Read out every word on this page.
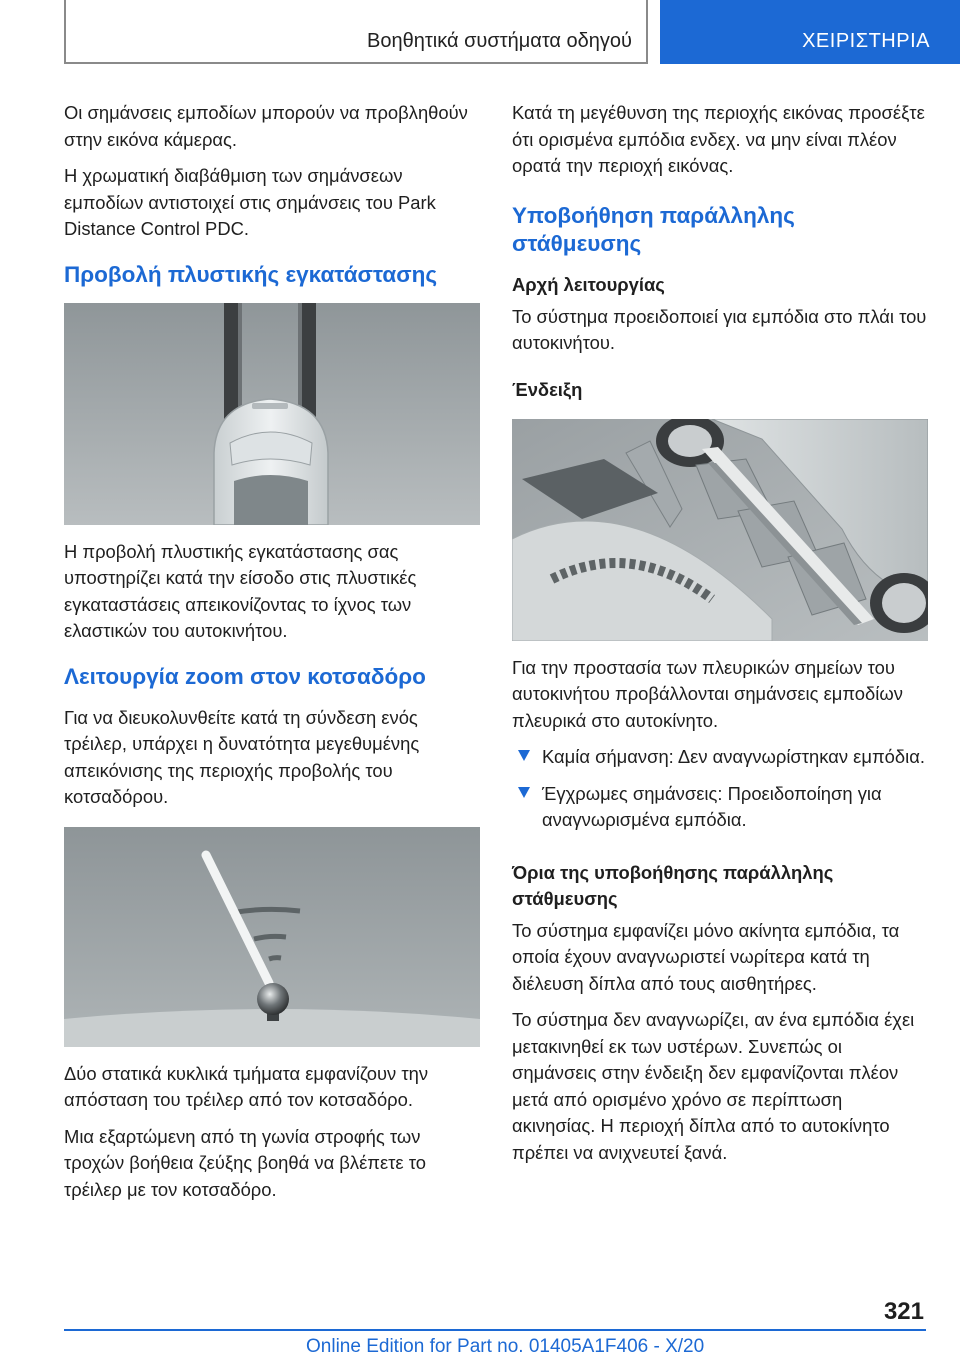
Βοηθητικά συστήματα οδηγού	ΧΕΙΡΙΣΤΗΡΙΑ

Οι σημάνσεις εμποδίων μπορούν να προβληθούν στην εικόνα κάμερας.

Η χρωματική διαβάθμιση των σημάνσεων εμποδίων αντιστοιχεί στις σημάνσεις του Park Distance Control PDC.

Προβολή πλυστικής εγκατάστασης

Η προβολή πλυστικής εγκατάστασης σας υποστηρίζει κατά την είσοδο στις πλυστικές εγκαταστάσεις απεικονίζοντας το ίχνος των ελαστικών του αυτοκινήτου.

Λειτουργία zoom στον κοτσαδόρο

Για να διευκολυνθείτε κατά τη σύνδεση ενός τρέιλερ, υπάρχει η δυνατότητα μεγεθυμένης απεικόνισης της περιοχής προβολής του κοτσαδόρου.

Δύο στατικά κυκλικά τμήματα εμφανίζουν την απόσταση του τρέιλερ από τον κοτσαδόρο.

Μια εξαρτώμενη από τη γωνία στροφής των τροχών βοήθεια ζεύξης βοηθά να βλέπετε το τρέιλερ με τον κοτσαδόρο.

Κατά τη μεγέθυνση της περιοχής εικόνας προσέξτε ότι ορισμένα εμπόδια ενδεχ. να μην είναι πλέον ορατά την περιοχή εικόνας.

Υποβοήθηση παράλληλης στάθμευσης
Αρχή λειτουργίας

Το σύστημα προειδοποιεί για εμπόδια στο πλάι του αυτοκινήτου.

Ένδειξη

Για την προστασία των πλευρικών σημείων του αυτοκινήτου προβάλλονται σημάνσεις εμποδίων πλευρικά στο αυτοκίνητο.

Καμία σήμανση: Δεν αναγνωρίστηκαν εμπόδια.
Έγχρωμες σημάνσεις: Προειδοποίηση για αναγνωρισμένα εμπόδια.
Όρια της υποβοήθησης παράλληλης στάθμευσης

Το σύστημα εμφανίζει μόνο ακίνητα εμπόδια, τα οποία έχουν αναγνωριστεί νωρίτερα κατά τη διέλευση δίπλα από τους αισθητήρες.

Το σύστημα δεν αναγνωρίζει, αν ένα εμπόδια έχει μετακινηθεί εκ των υστέρων. Συνεπώς οι σημάνσεις στην ένδειξη δεν εμφανίζονται πλέον μετά από ορισμένο χρόνο σε περίπτωση ακινησίας. Η περιοχή δίπλα από το αυτοκίνητο πρέπει να ανιχνευτεί ξανά.

321
Online Edition for Part no. 01405A1F406 - X/20
